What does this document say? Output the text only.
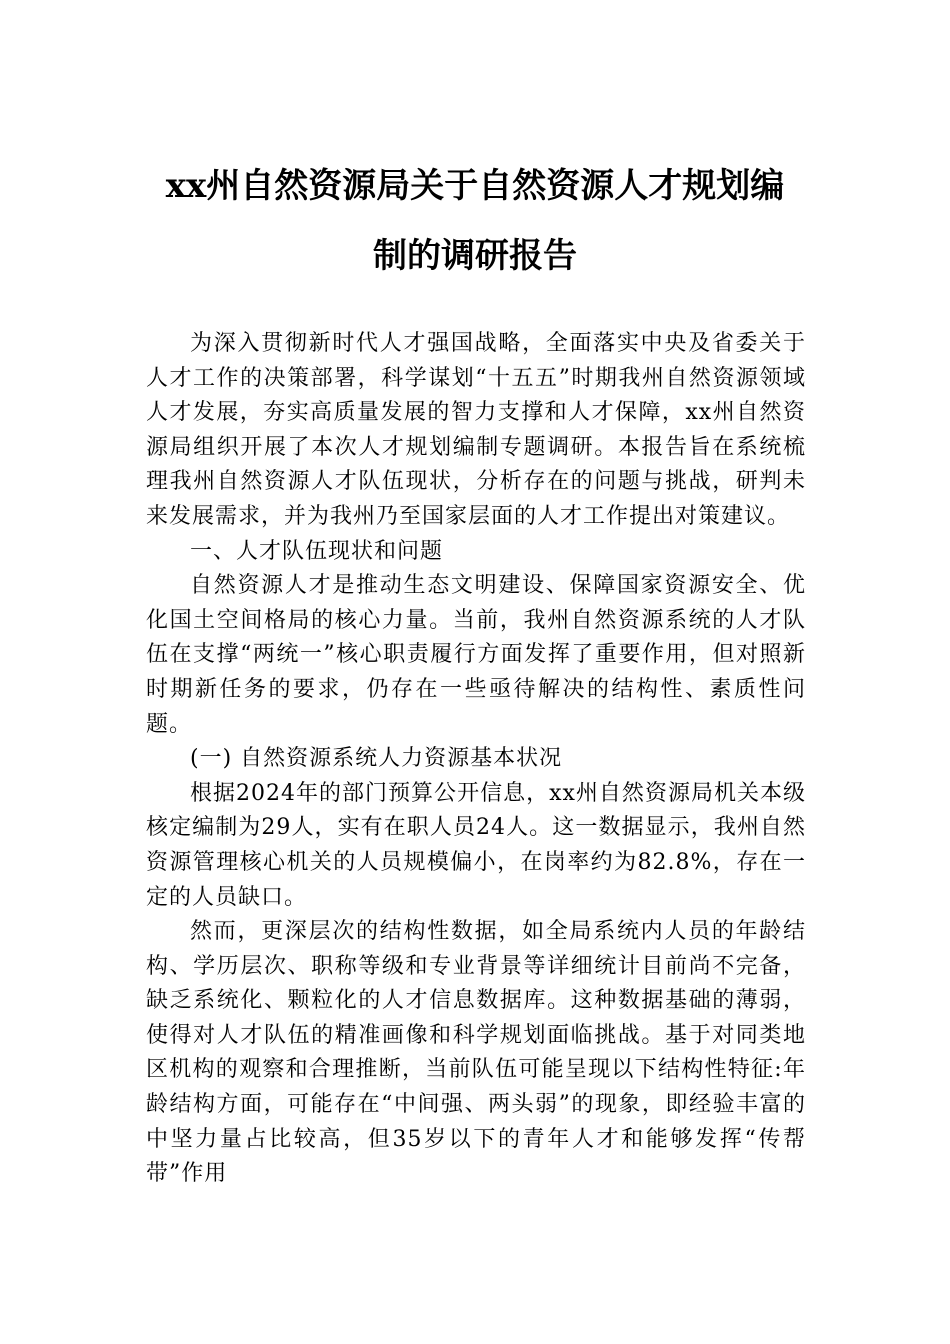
xx州自然资源局关于自然资源人才规划编
制的调研报告

为深入贯彻新时代人才强国战略，全面落实中央及省委关于人才工作的决策部署，科学谋划“十五五”时期我州自然资源领域人才发展，夯实高质量发展的智力支撑和人才保障，xx州自然资源局组织开展了本次人才规划编制专题调研。本报告旨在系统梳理我州自然资源人才队伍现状，分析存在的问题与挑战，研判未来发展需求，并为我州乃至国家层面的人才工作提出对策建议。

一、人才队伍现状和问题

自然资源人才是推动生态文明建设、保障国家资源安全、优化国土空间格局的核心力量。当前，我州自然资源系统的人才队伍在支撑“两统一”核心职责履行方面发挥了重要作用，但对照新时期新任务的要求，仍存在一些亟待解决的结构性、素质性问题。

(一) 自然资源系统人力资源基本状况

根据2024年的部门预算公开信息，xx州自然资源局机关本级核定编制为29人，实有在职人员24人。这一数据显示，我州自然资源管理核心机关的人员规模偏小，在岗率约为82.8%，存在一定的人员缺口。

然而，更深层次的结构性数据，如全局系统内人员的年龄结构、学历层次、职称等级和专业背景等详细统计目前尚不完备，缺乏系统化、颗粒化的人才信息数据库。这种数据基础的薄弱，使得对人才队伍的精准画像和科学规划面临挑战。基于对同类地区机构的观察和合理推断，当前队伍可能呈现以下结构性特征:年龄结构方面，可能存在“中间强、两头弱”的现象，即经验丰富的中坚力量占比较高，但35岁以下的青年人才和能够发挥“传帮带”作用
